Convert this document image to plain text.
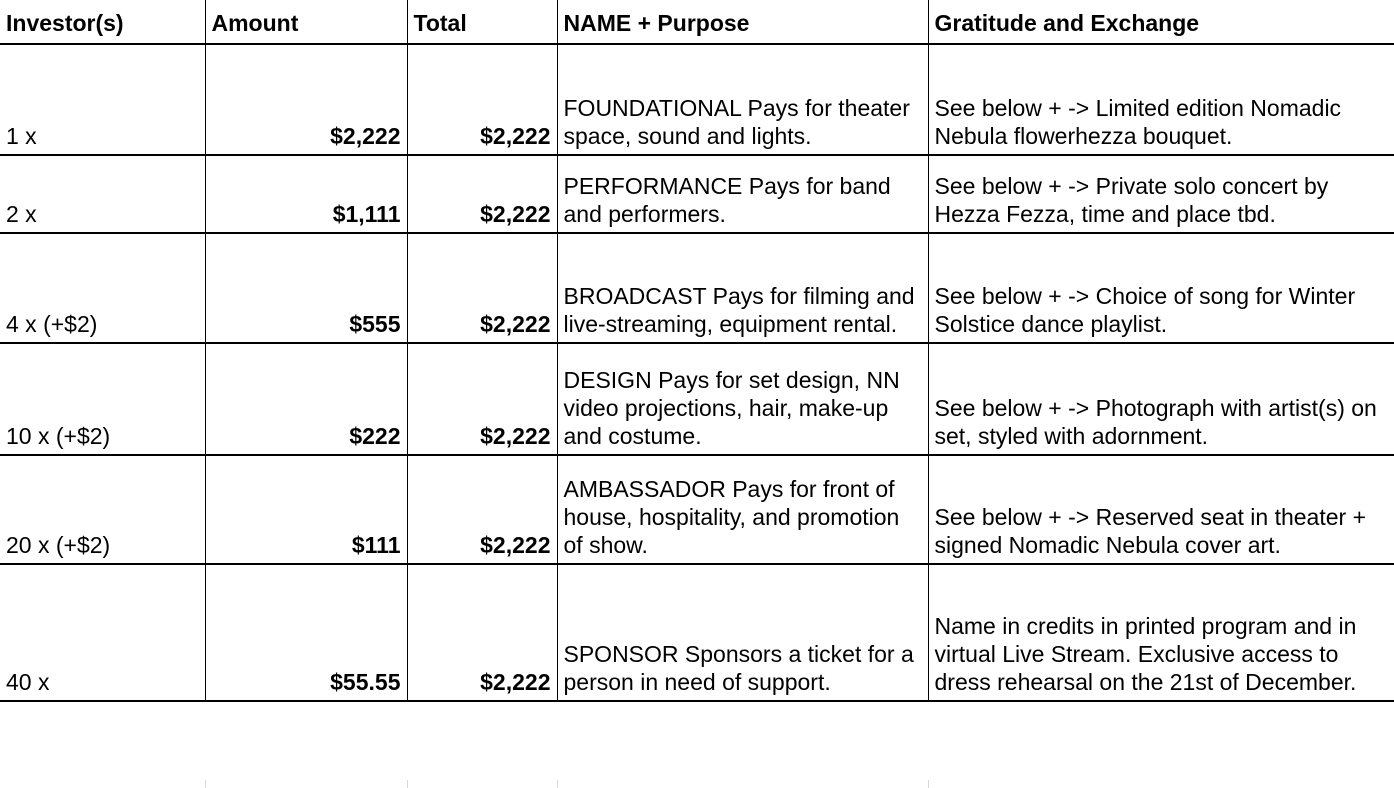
Investor(s)	Amount	Total	NAME + Purpose	Gratitude and Exchange
1 x	$2,222	$2,222	FOUNDATIONAL Pays for theater space, sound and lights.	See below + -> Limited edition Nomadic Nebula flowerhezza bouquet.
2 x	$1,111	$2,222	PERFORMANCE Pays for band and performers.	See below + -> Private solo concert by Hezza Fezza, time and place tbd.
4 x (+$2)	$555	$2,222	BROADCAST Pays for filming and live-streaming, equipment rental.	See below + -> Choice of song for Winter Solstice dance playlist.
10 x (+$2)	$222	$2,222	DESIGN Pays for set design, NN video projections, hair, make-up and costume.	See below + -> Photograph with artist(s) on set, styled with adornment.
20 x (+$2)	$111	$2,222	AMBASSADOR Pays for front of house, hospitality, and promotion of show.	See below + -> Reserved seat in theater + signed Nomadic Nebula cover art.
40 x	$55.55	$2,222	SPONSOR Sponsors a ticket for a person in need of support.	Name in credits in printed program and in virtual Live Stream. Exclusive access to dress rehearsal on the 21st of December.
